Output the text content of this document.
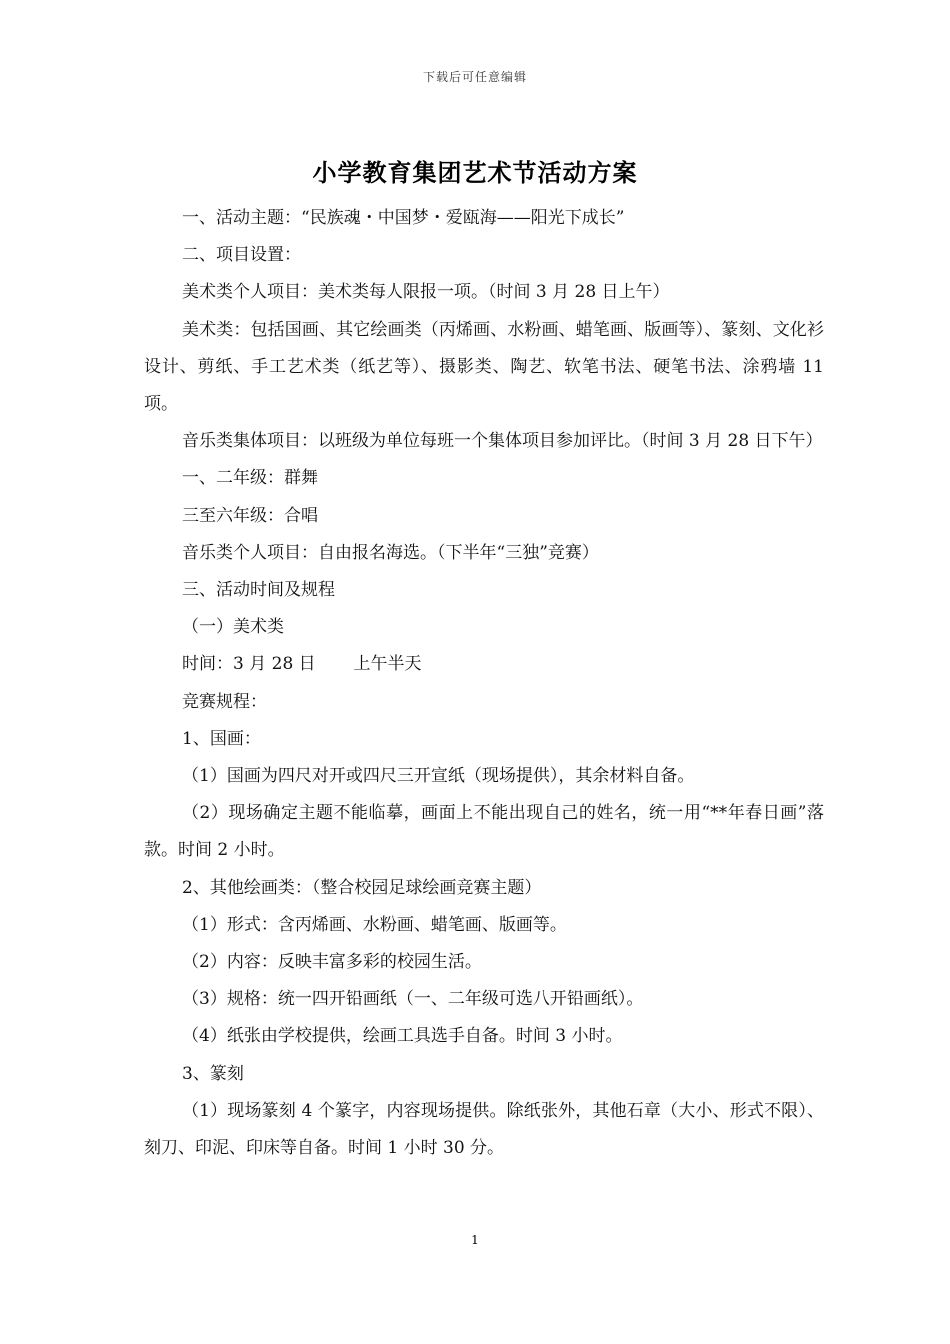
下载后可任意编辑
小学教育集团艺术节活动方案

一、活动主题：“民族魂・中国梦・爱瓯海——阳光下成长”

二、项目设置：

美术类个人项目：美术类每人限报一项。（时间 3 月 28 日上午）

美术类：包括国画、其它绘画类（丙烯画、水粉画、蜡笔画、版画等）、篆刻、文化衫设计、剪纸、手工艺术类（纸艺等）、摄影类、陶艺、软笔书法、硬笔书法、涂鸦墙 11 项。

音乐类集体项目：以班级为单位每班一个集体项目参加评比。（时间 3 月 28 日下午）

一、二年级：群舞

三至六年级：合唱

音乐类个人项目：自由报名海选。（下半年“三独”竞赛）

三、活动时间及规程

（一）美术类

时间：3 月 28 日       上午半天

竞赛规程：

1、国画：

（1）国画为四尺对开或四尺三开宣纸（现场提供），其余材料自备。

（2）现场确定主题不能临摹，画面上不能出现自己的姓名，统一用“**年春日画”落款。时间 2 小时。

2、其他绘画类：（整合校园足球绘画竞赛主题）

（1）形式：含丙烯画、水粉画、蜡笔画、版画等。

（2）内容：反映丰富多彩的校园生活。

（3）规格：统一四开铅画纸（一、二年级可选八开铅画纸）。

（4）纸张由学校提供，绘画工具选手自备。时间 3 小时。

3、篆刻

（1）现场篆刻 4 个篆字，内容现场提供。除纸张外，其他石章（大小、形式不限）、刻刀、印泥、印床等自备。时间 1 小时 30 分。

1
